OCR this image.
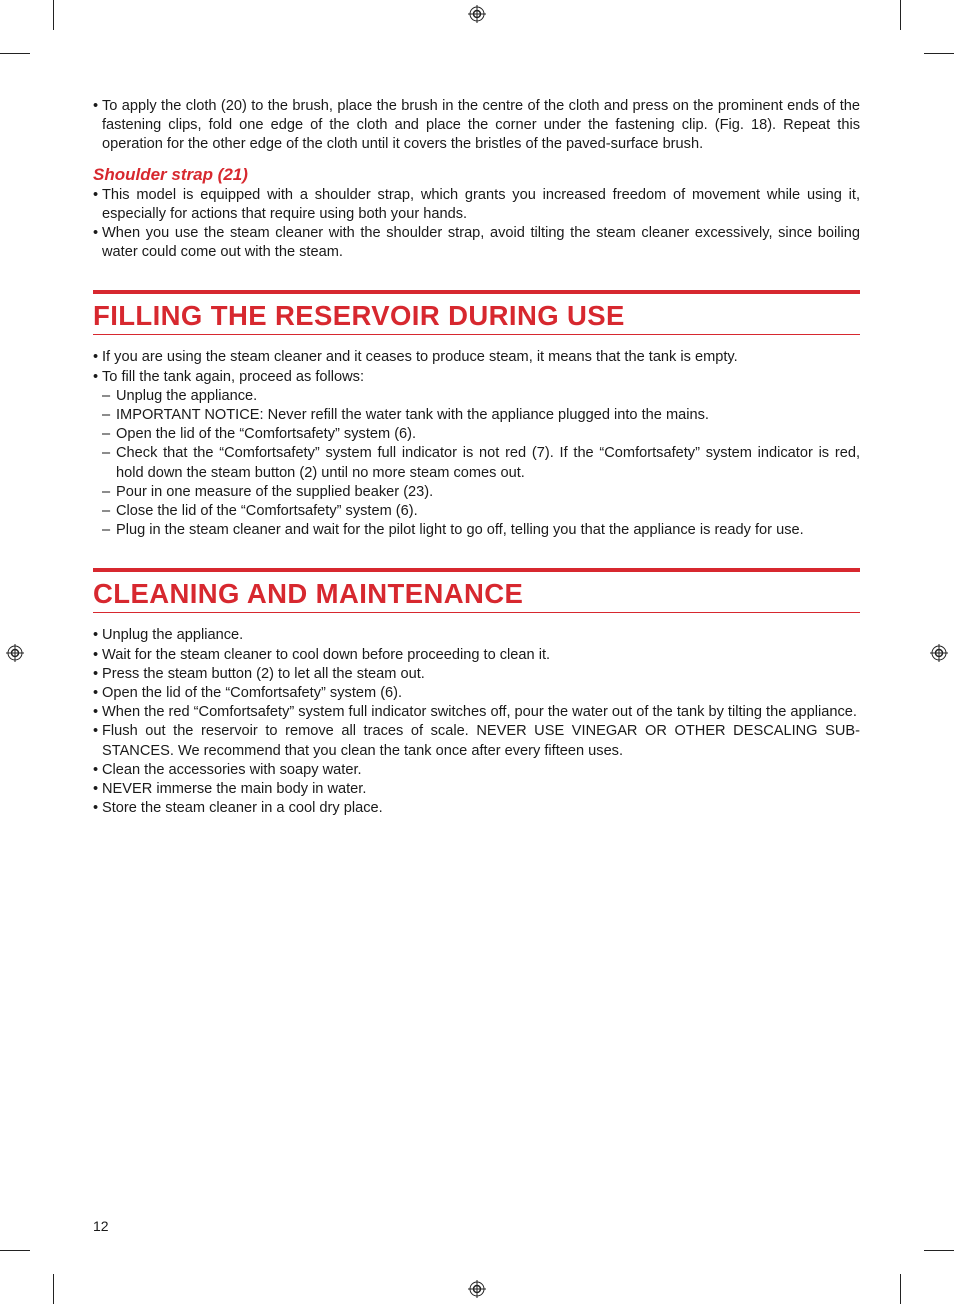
• To apply the cloth (20) to the brush, place the brush in the centre of the cloth and press on the prominent ends of the fastening clips, fold one edge of the cloth and place the corner under the fastening clip. (Fig. 18). Repeat this operation for the other edge of the cloth until it covers the bristles of the paved-surface brush.
Shoulder strap (21)
• This model is equipped with a shoulder strap, which grants you increased freedom of movement while using it, especially for actions that require using both your hands.
• When you use the steam cleaner with the shoulder strap, avoid tilting the steam cleaner excessively, since boiling water could come out with the steam.
FILLING THE RESERVOIR DURING USE
• If you are using the steam cleaner and it ceases to produce steam, it means that the tank is empty.
• To fill the tank again, proceed as follows:
– Unplug the appliance.
– IMPORTANT NOTICE: Never refill the water tank with the appliance plugged into the mains.
– Open the lid of the “Comfortsafety” system (6).
– Check that the “Comfortsafety” system full indicator is not red (7). If the “Comfortsafety” system indicator is red, hold down the steam button (2) until no more steam comes out.
– Pour in one measure of the supplied beaker (23).
– Close the lid of the “Comfortsafety” system (6).
– Plug in the steam cleaner and wait for the pilot light to go off, telling you that the appliance is ready for use.
CLEANING AND MAINTENANCE
• Unplug the appliance.
• Wait for the steam cleaner to cool down before proceeding to clean it.
• Press the steam button (2) to let all the steam out.
• Open the lid of the “Comfortsafety” system (6).
• When the red “Comfortsafety” system full indicator switches off, pour the water out of the tank by tilting the appliance.
• Flush out the reservoir to remove all traces of scale. NEVER USE VINEGAR OR OTHER DESCALING SUBSTANCES. We recommend that you clean the tank once after every fifteen uses.
• Clean the accessories with soapy water.
• NEVER immerse the main body in water.
• Store the steam cleaner in a cool dry place.
12
